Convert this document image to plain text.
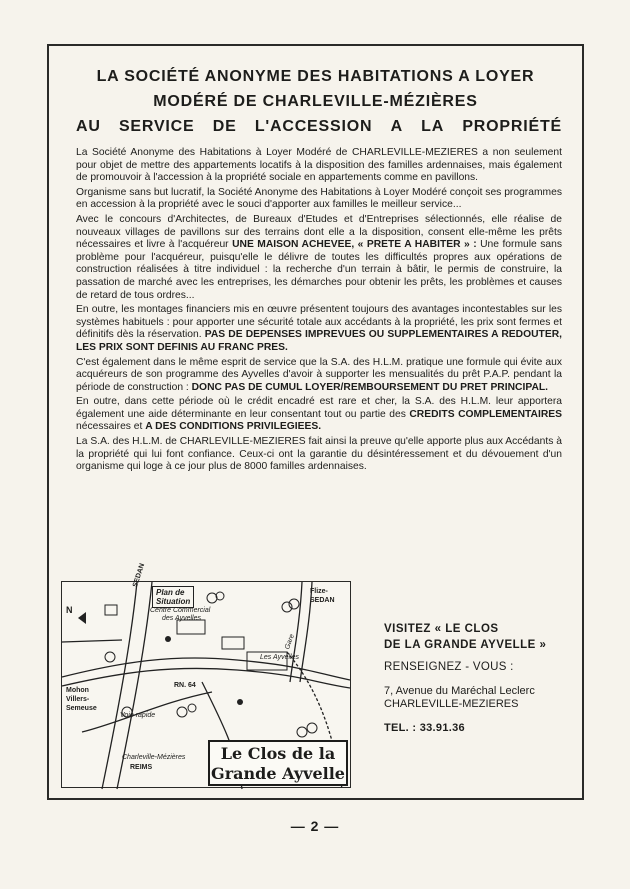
LA SOCIÉTÉ ANONYME DES HABITATIONS A LOYER
MODÉRÉ DE CHARLEVILLE-MÉZIÈRES
AU SERVICE DE L'ACCESSION A LA PROPRIÉTÉ

La Société Anonyme des Habitations à Loyer Modéré de CHARLEVILLE-MEZIERES a non seulement pour objet de mettre des appartements locatifs à la disposition des familles ardennaises, mais également de promouvoir à l'accession à la propriété sociale en appartements comme en pavillons.

Organisme sans but lucratif, la Société Anonyme des Habitations à Loyer Modéré conçoit ses programmes en accession à la propriété avec le souci d'apporter aux familles le meilleur service...

Avec le concours d'Architectes, de Bureaux d'Etudes et d'Entreprises sélectionnés, elle réalise de nouveaux villages de pavillons sur des terrains dont elle a la disposition, consent elle-même les prêts nécessaires et livre à l'acquéreur UNE MAISON ACHEVEE, « PRETE A HABITER » : Une formule sans problème pour l'acquéreur, puisqu'elle le délivre de toutes les difficultés propres aux opérations de construction réalisées à titre individuel : la recherche d'un terrain à bâtir, le permis de construire, la passation de marché avec les entreprises, les démarches pour obtenir les prêts, les problèmes et causes de retard de tous ordres...

En outre, les montages financiers mis en œuvre présentent toujours des avantages incontestables sur les systèmes habituels : pour apporter une sécurité totale aux accédants à la propriété, les prix sont fermes et définitifs dès la réservation. PAS DE DEPENSES IMPREVUES OU SUPPLEMENTAIRES A REDOUTER, LES PRIX SONT DEFINIS AU FRANC PRES.

C'est également dans le même esprit de service que la S.A. des H.L.M. pratique une formule qui évite aux acquéreurs de son programme des Ayvelles d'avoir à supporter les mensualités du prêt P.A.P. pendant la période de construction : DONC PAS DE CUMUL LOYER/REMBOURSEMENT DU PRET PRINCIPAL.

En outre, dans cette période où le crédit encadré est rare et cher, la S.A. des H.L.M. leur apportera également une aide déterminante en leur consentant tout ou partie des CREDITS COMPLEMENTAIRES nécessaires et A DES CONDITIONS PRIVILEGIEES.

La S.A. des H.L.M. de CHARLEVILLE-MEZIERES fait ainsi la preuve qu'elle apporte plus aux Accédants à la propriété qui lui font confiance. Ceux-ci ont la garantie du désintéressement et du dévouement d'un organisme qui loge à ce jour plus de 8000 familles ardennaises.

Plan de
Situation
N
SEDAN
Flize-
SEDAN
Centre Commercial
des Ayvelles
Gare
Les Ayvelles
RN. 64
Mohon
Villers-
Semeuse
Voie rapide
Charleville-Mézières
REIMS
Le Clos de la
Grande Ayvelle
VISITEZ « LE CLOS
DE LA GRANDE AYVELLE »
RENSEIGNEZ - VOUS :
7, Avenue du Maréchal Leclerc
CHARLEVILLE-MEZIERES
TEL. : 33.91.36
— 2 —
